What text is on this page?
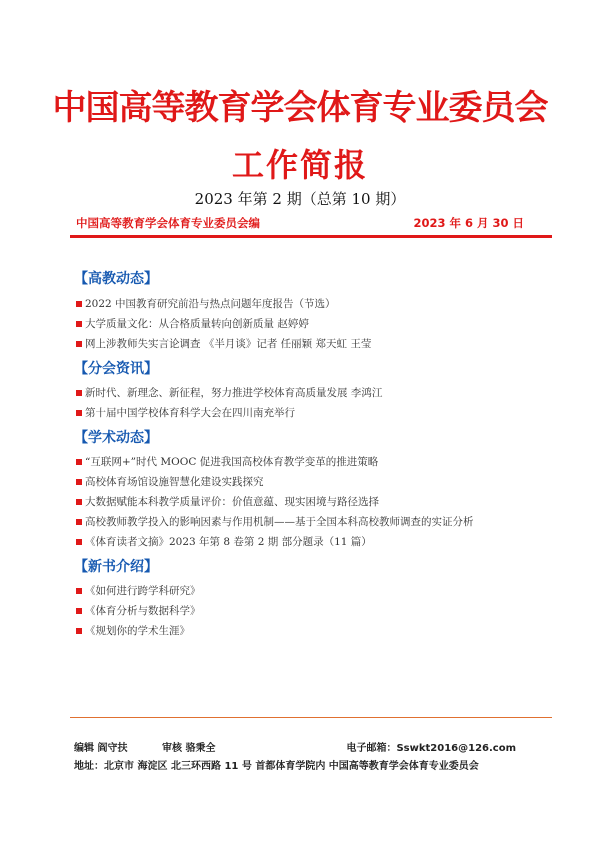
中国高等教育学会体育专业委员会
工作简报
2023 年第 2 期（总第 10 期）
中国高等教育学会体育专业委员会编	2023 年 6 月 30 日
【高教动态】
2022 中国教育研究前沿与热点问题年度报告（节选）
大学质量文化：从合格质量转向创新质量 赵婷婷
网上涉教师失实言论调查 《半月谈》记者 任丽颖 郑天虹 王莹
【分会资讯】
新时代、新理念、新征程，努力推进学校体育高质量发展 李鸿江
第十届中国学校体育科学大会在四川南充举行
【学术动态】
“互联网+”时代 MOOC 促进我国高校体育教学变革的推进策略
高校体育场馆设施智慧化建设实践探究
大数据赋能本科教学质量评价：价值意蕴、现实困境与路径选择
高校教师教学投入的影响因素与作用机制——基于全国本科高校教师调查的实证分析
《体育读者文摘》2023 年第 8 卷第 2 期 部分题录（11 篇）
【新书介绍】
《如何进行跨学科研究》
《体育分析与数据科学》
《规划你的学术生涯》
编辑 阎守扶	审核 骆秉全	电子邮箱：Sswkt2016@126.com
地址：北京市 海淀区 北三环西路 11 号 首都体育学院内 中国高等教育学会体育专业委员会
